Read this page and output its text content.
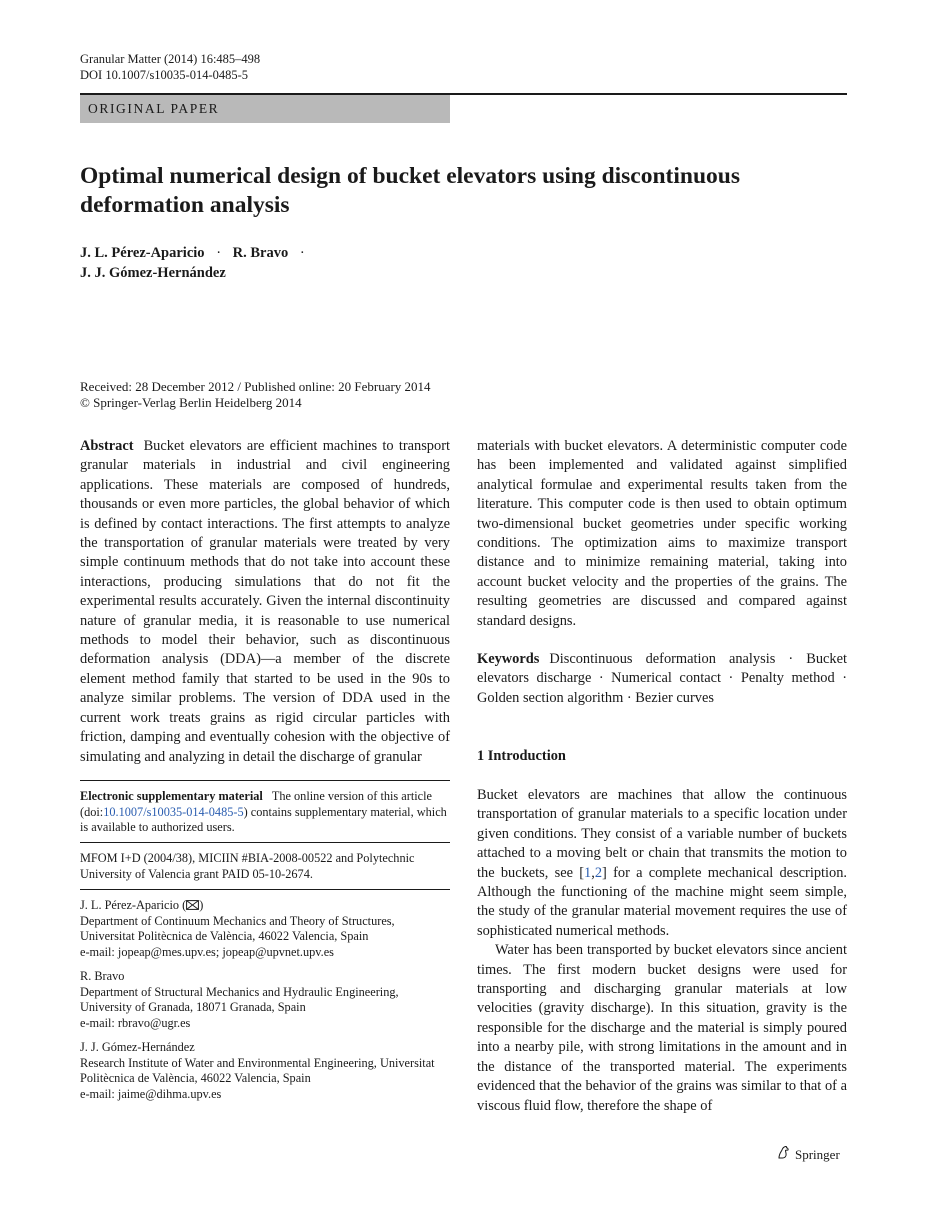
Granular Matter (2014) 16:485–498
DOI 10.1007/s10035-014-0485-5
ORIGINAL PAPER
Optimal numerical design of bucket elevators using discontinuous deformation analysis
J. L. Pérez-Aparicio · R. Bravo ·
J. J. Gómez-Hernández
Received: 28 December 2012 / Published online: 20 February 2014
© Springer-Verlag Berlin Heidelberg 2014
Abstract Bucket elevators are efficient machines to transport granular materials in industrial and civil engineering applications. These materials are composed of hundreds, thousands or even more particles, the global behavior of which is defined by contact interactions. The first attempts to analyze the transportation of granular materials were treated by very simple continuum methods that do not take into account these interactions, producing simulations that do not fit the experimental results accurately. Given the internal discontinuity nature of granular media, it is reasonable to use numerical methods to model their behavior, such as discontinuous deformation analysis (DDA)—a member of the discrete element method family that started to be used in the 90s to analyze similar problems. The version of DDA used in the current work treats grains as rigid circular particles with friction, damping and eventually cohesion with the objective of simulating and analyzing in detail the discharge of granular
materials with bucket elevators. A deterministic computer code has been implemented and validated against simplified analytical formulae and experimental results taken from the literature. This computer code is then used to obtain optimum two-dimensional bucket geometries under specific working conditions. The optimization aims to maximize transport distance and to minimize remaining material, taking into account bucket velocity and the properties of the grains. The resulting geometries are discussed and compared against standard designs.
Keywords Discontinuous deformation analysis · Bucket elevators discharge · Numerical contact · Penalty method · Golden section algorithm · Bezier curves
1 Introduction

Bucket elevators are machines that allow the continuous transportation of granular materials to a specific location under given conditions. They consist of a variable number of buckets attached to a moving belt or chain that transmits the motion to the buckets, see [1,2] for a complete mechanical description. Although the functioning of the machine might seem simple, the study of the granular material movement requires the use of sophisticated numerical methods.

Water has been transported by bucket elevators since ancient times. The first modern bucket designs were used for transporting and discharging granular materials at low velocities (gravity discharge). In this situation, gravity is the responsible for the discharge and the material is simply poured into a nearby pile, with strong limitations in the amount and in the distance of the transported material. The experiments evidenced that the behavior of the grains was similar to that of a viscous fluid flow, therefore the shape of

Electronic supplementary material The online version of this article (doi:10.1007/s10035-014-0485-5) contains supplementary material, which is available to authorized users.
MFOM I+D (2004/38), MICIIN #BIA-2008-00522 and Polytechnic University of Valencia grant PAID 05-10-2674.
J. L. Pérez-Aparicio ( )
Department of Continuum Mechanics and Theory of Structures, Universitat Politècnica de València, 46022 Valencia, Spain
e-mail: jopeap@mes.upv.es; jopeap@upvnet.upv.es
R. Bravo
Department of Structural Mechanics and Hydraulic Engineering, University of Granada, 18071 Granada, Spain
e-mail: rbravo@ugr.es
J. J. Gómez-Hernández
Research Institute of Water and Environmental Engineering, Universitat Politècnica de València, 46022 Valencia, Spain
e-mail: jaime@dihma.upv.es
Springer
